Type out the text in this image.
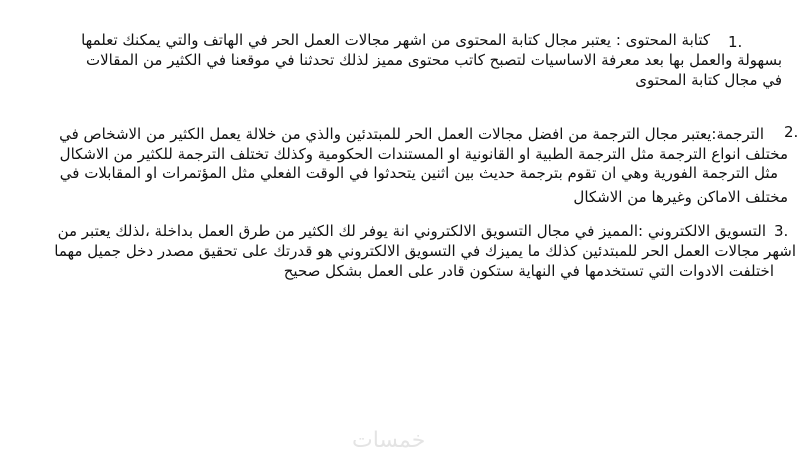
1.
كتابة المحتوى : يعتبر مجال كتابة المحتوى من اشهر مجالات العمل الحر في الهاتف والتي يمكنك تعلمها
بسهولة والعمل بها بعد معرفة الاساسيات لتصبح كاتب محتوى مميز لذلك تحدثنا في موقعنا في الكثير من المقالات
في مجال كتابة المحتوى
2.
الترجمة:يعتبر مجال الترجمة من افضل مجالات العمل الحر للمبتدئين والذي من خلالة يعمل الكثير من الاشخاص في
مختلف انواع الترجمة مثل الترجمة الطبية او القانونية او المستندات الحكومية وكذلك تختلف الترجمة للكثير من الاشكال
مثل الترجمة الفورية وهي ان تقوم بترجمة حديث بين اثنين يتحدثوا في الوقت الفعلي مثل المؤتمرات او المقابلات في
مختلف الاماكن وغيرها من الاشكال
3.
التسويق الالكتروني :المميز في مجال التسويق الالكتروني انة يوفر لك الكثير من طرق العمل بداخلة ،لذلك يعتبر من
اشهر مجالات العمل الحر للمبتدئين كذلك ما يميزك في التسويق الالكتروني هو قدرتك على تحقيق مصدر دخل جميل مهما
اختلفت الادوات التي تستخدمها في النهاية ستكون قادر على العمل بشكل صحيح
خمسات
